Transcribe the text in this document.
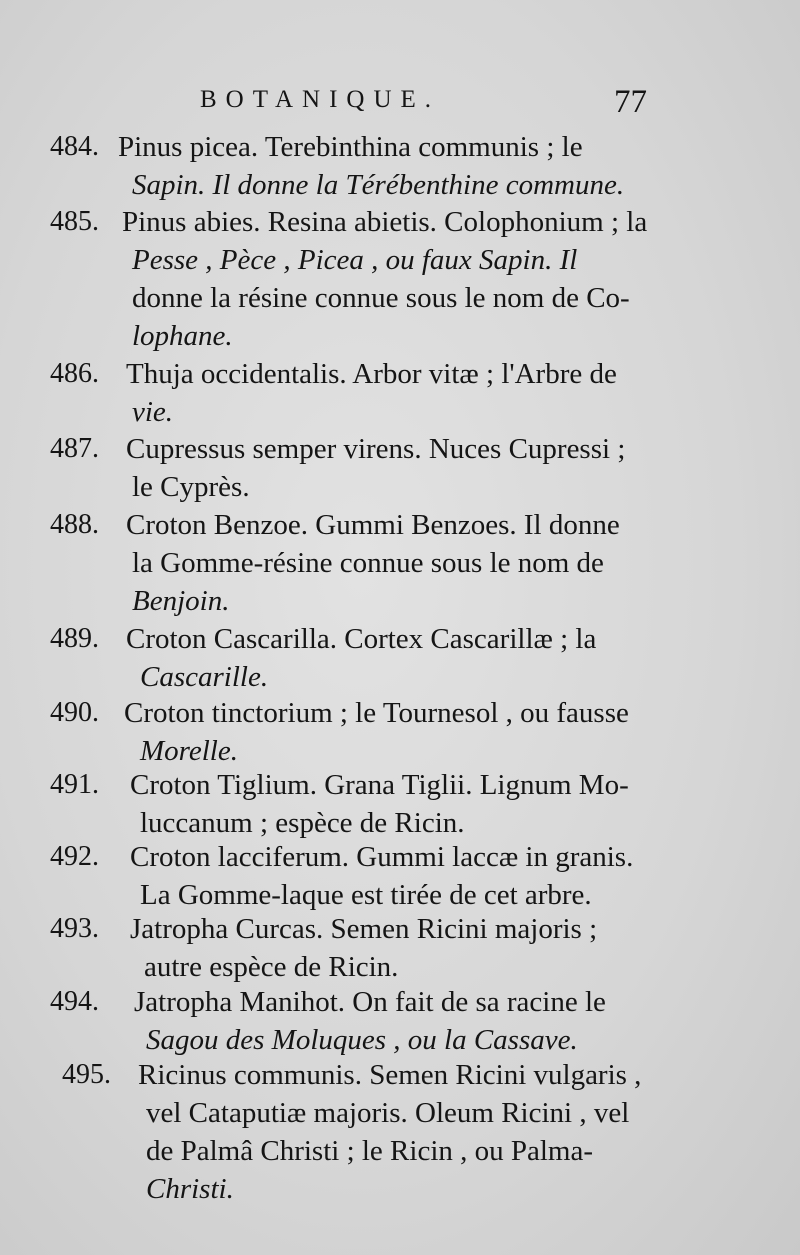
BOTANIQUE.	77
484. Pinus picea. Terebinthina communis ; le
Sapin. Il donne la Térébenthine commune.
485. Pinus abies. Resina abietis. Colophonium ; la
Pesse , Pèce , Picea , ou faux Sapin. Il
donne la résine connue sous le nom de Co-
lophane.
486. Thuja occidentalis. Arbor vitæ ; l'Arbre de
vie.
487. Cupressus semper virens. Nuces Cupressi ;
le Cyprès.
488. Croton Benzoe. Gummi Benzoes. Il donne
la Gomme-résine connue sous le nom de
Benjoin.
489. Croton Cascarilla. Cortex Cascarillæ ; la
Cascarille.
490. Croton tinctorium ; le Tournesol , ou fausse
Morelle.
491. Croton Tiglium. Grana Tiglii. Lignum Mo-
luccanum ; espèce de Ricin.
492. Croton lacciferum. Gummi laccæ in granis.
La Gomme-laque est tirée de cet arbre.
493. Jatropha Curcas. Semen Ricini majoris ;
autre espèce de Ricin.
494. Jatropha Manihot. On fait de sa racine le
Sagou des Moluques , ou la Cassave.
495. Ricinus communis. Semen Ricini vulgaris ,
vel Cataputiæ majoris. Oleum Ricini , vel
de Palmâ Christi ; le Ricin , ou Palma-
Christi.
